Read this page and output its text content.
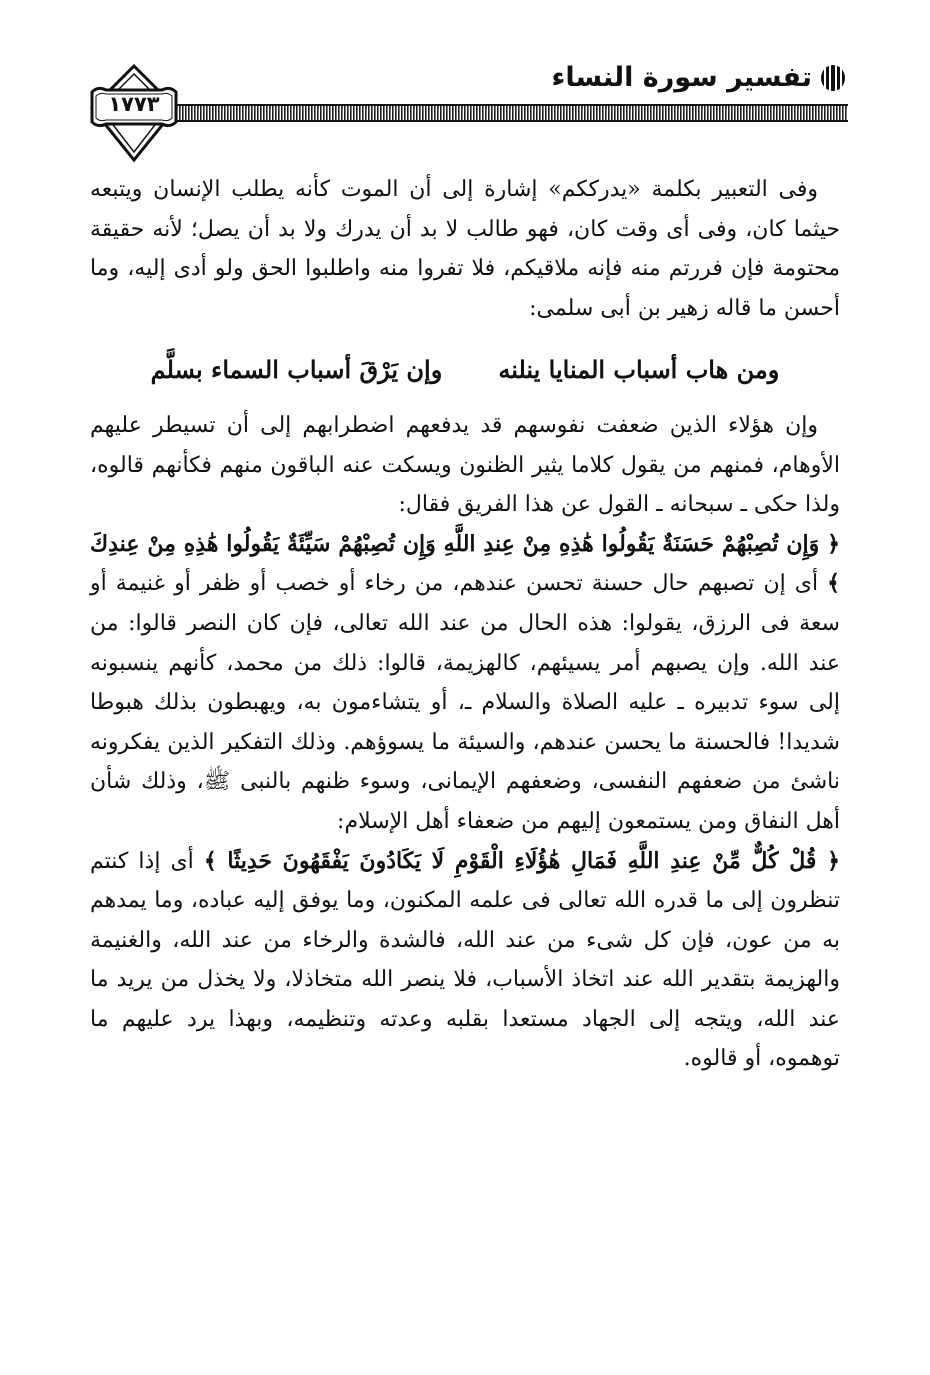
تفسير سورة النساء
١٧٧٣

وفى التعبير بكلمة «يدرككم» إشارة إلى أن الموت كأنه يطلب الإنسان ويتبعه حيثما كان، وفى أى وقت كان، فهو طالب لا بد أن يدرك ولا بد أن يصل؛ لأنه حقيقة محتومة فإن فررتم منه فإنه ملاقيكم، فلا تفروا منه واطلبوا الحق ولو أدى إليه، وما أحسن ما قاله زهير بن أبى سلمى:

ومن هاب أسباب المنايا ينلنه
وإن يَرْقَ أسباب السماء بسلَّم

وإن هؤلاء الذين ضعفت نفوسهم قد يدفعهم اضطرابهم إلى أن تسيطر عليهم الأوهام، فمنهم من يقول كلاما يثير الظنون ويسكت عنه الباقون منهم فكأنهم قالوه، ولذا حكى ـ سبحانه ـ القول عن هذا الفريق فقال:

﴿ وَإِن تُصِبْهُمْ حَسَنَةٌ يَقُولُوا هَٰذِهِ مِنْ عِندِ اللَّهِ وَإِن تُصِبْهُمْ سَيِّئَةٌ يَقُولُوا هَٰذِهِ مِنْ عِندِكَ ﴾ أى إن تصبهم حال حسنة تحسن عندهم، من رخاء أو خصب أو ظفر أو غنيمة أو سعة فى الرزق، يقولوا: هذه الحال من عند الله تعالى، فإن كان النصر قالوا: من عند الله. وإن يصبهم أمر يسيئهم، كالهزيمة، قالوا: ذلك من محمد، كأنهم ينسبونه إلى سوء تدبيره ـ عليه الصلاة والسلام ـ، أو يتشاءمون به، ويهبطون بذلك هبوطا شديدا! فالحسنة ما يحسن عندهم، والسيئة ما يسوؤهم. وذلك التفكير الذين يفكرونه ناشئ من ضعفهم النفسى، وضعفهم الإيمانى، وسوء ظنهم بالنبى ﷺ، وذلك شأن أهل النفاق ومن يستمعون إليهم من ضعفاء أهل الإسلام:

﴿ قُلْ كُلٌّ مِّنْ عِندِ اللَّهِ فَمَالِ هَٰؤُلَاءِ الْقَوْمِ لَا يَكَادُونَ يَفْقَهُونَ حَدِيثًا ﴾ أى إذا كنتم تنظرون إلى ما قدره الله تعالى فى علمه المكنون، وما يوفق إليه عباده، وما يمدهم به من عون، فإن كل شىء من عند الله، فالشدة والرخاء من عند الله، والغنيمة والهزيمة بتقدير الله عند اتخاذ الأسباب، فلا ينصر الله متخاذلا، ولا يخذل من يريد ما عند الله، ويتجه إلى الجهاد مستعدا بقلبه وعدته وتنظيمه، وبهذا يرد عليهم ما توهموه، أو قالوه.
